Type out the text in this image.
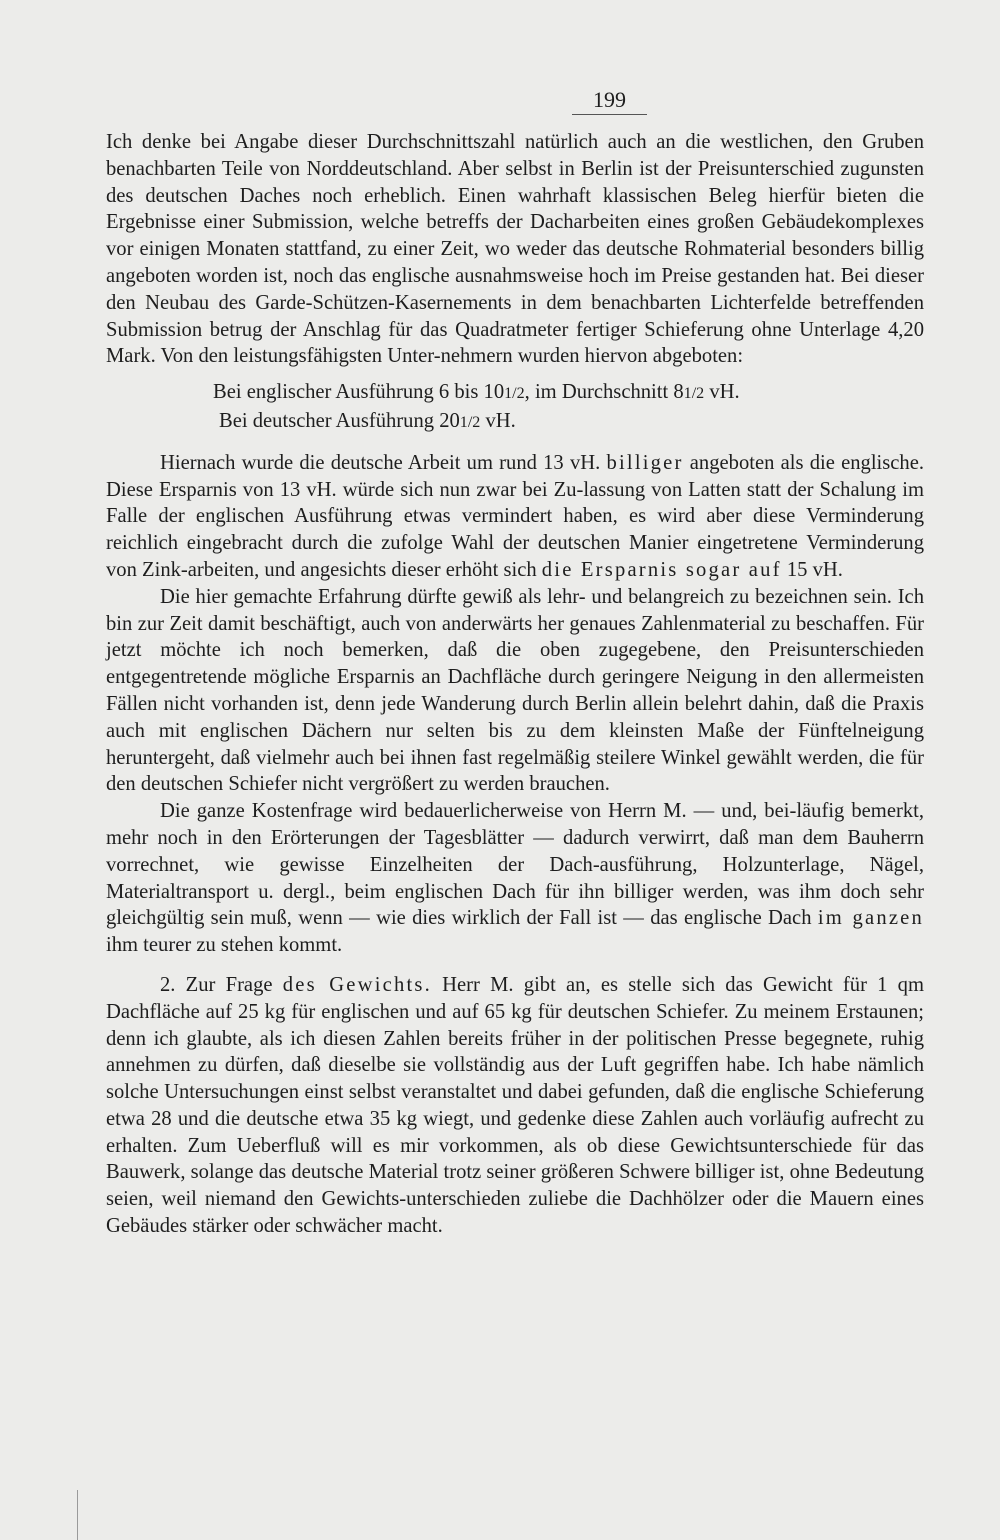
199

Ich denke bei Angabe dieser Durchschnittszahl natürlich auch an die westlichen, den Gruben benachbarten Teile von Norddeutschland. Aber selbst in Berlin ist der Preisunterschied zugunsten des deutschen Daches noch erheblich. Einen wahrhaft klassischen Beleg hierfür bieten die Ergebnisse einer Submission, welche betreffs der Dacharbeiten eines großen Gebäudekomplexes vor einigen Monaten stattfand, zu einer Zeit, wo weder das deutsche Rohmaterial besonders billig angeboten worden ist, noch das englische ausnahmsweise hoch im Preise gestanden hat. Bei dieser den Neubau des Garde-Schützen-Kasernements in dem benachbarten Lichterfelde betreffenden Submission betrug der Anschlag für das Quadratmeter fertiger Schieferung ohne Unterlage 4,20 Mark. Von den leistungsfähigsten Unter-nehmern wurden hiervon abgeboten:

Bei englischer Ausführung 6 bis 101/2, im Durchschnitt 81/2 vH.

Bei deutscher Ausführung 201/2 vH.

Hiernach wurde die deutsche Arbeit um rund 13 vH. billiger angeboten als die englische. Diese Ersparnis von 13 vH. würde sich nun zwar bei Zu-lassung von Latten statt der Schalung im Falle der englischen Ausführung etwas vermindert haben, es wird aber diese Verminderung reichlich eingebracht durch die zufolge Wahl der deutschen Manier eingetretene Verminderung von Zink-arbeiten, und angesichts dieser erhöht sich die Ersparnis sogar auf 15 vH.

Die hier gemachte Erfahrung dürfte gewiß als lehr- und belangreich zu bezeichnen sein. Ich bin zur Zeit damit beschäftigt, auch von anderwärts her genaues Zahlenmaterial zu beschaffen. Für jetzt möchte ich noch bemerken, daß die oben zugegebene, den Preisunterschieden entgegentretende mögliche Ersparnis an Dachfläche durch geringere Neigung in den allermeisten Fällen nicht vorhanden ist, denn jede Wanderung durch Berlin allein belehrt dahin, daß die Praxis auch mit englischen Dächern nur selten bis zu dem kleinsten Maße der Fünftelneigung heruntergeht, daß vielmehr auch bei ihnen fast regelmäßig steilere Winkel gewählt werden, die für den deutschen Schiefer nicht vergrößert zu werden brauchen.

Die ganze Kostenfrage wird bedauerlicherweise von Herrn M. — und, bei-läufig bemerkt, mehr noch in den Erörterungen der Tagesblätter — dadurch verwirrt, daß man dem Bauherrn vorrechnet, wie gewisse Einzelheiten der Dach-ausführung, Holzunterlage, Nägel, Materialtransport u. dergl., beim englischen Dach für ihn billiger werden, was ihm doch sehr gleichgültig sein muß, wenn — wie dies wirklich der Fall ist — das englische Dach im ganzen ihm teurer zu stehen kommt.

2. Zur Frage des Gewichts. Herr M. gibt an, es stelle sich das Gewicht für 1 qm Dachfläche auf 25 kg für englischen und auf 65 kg für deutschen Schiefer. Zu meinem Erstaunen; denn ich glaubte, als ich diesen Zahlen bereits früher in der politischen Presse begegnete, ruhig annehmen zu dürfen, daß dieselbe sie vollständig aus der Luft gegriffen habe. Ich habe nämlich solche Untersuchungen einst selbst veranstaltet und dabei gefunden, daß die englische Schieferung etwa 28 und die deutsche etwa 35 kg wiegt, und gedenke diese Zahlen auch vorläufig aufrecht zu erhalten. Zum Ueberfluß will es mir vorkommen, als ob diese Gewichtsunterschiede für das Bauwerk, solange das deutsche Material trotz seiner größeren Schwere billiger ist, ohne Bedeutung seien, weil niemand den Gewichts-unterschieden zuliebe die Dachhölzer oder die Mauern eines Gebäudes stärker oder schwächer macht.
